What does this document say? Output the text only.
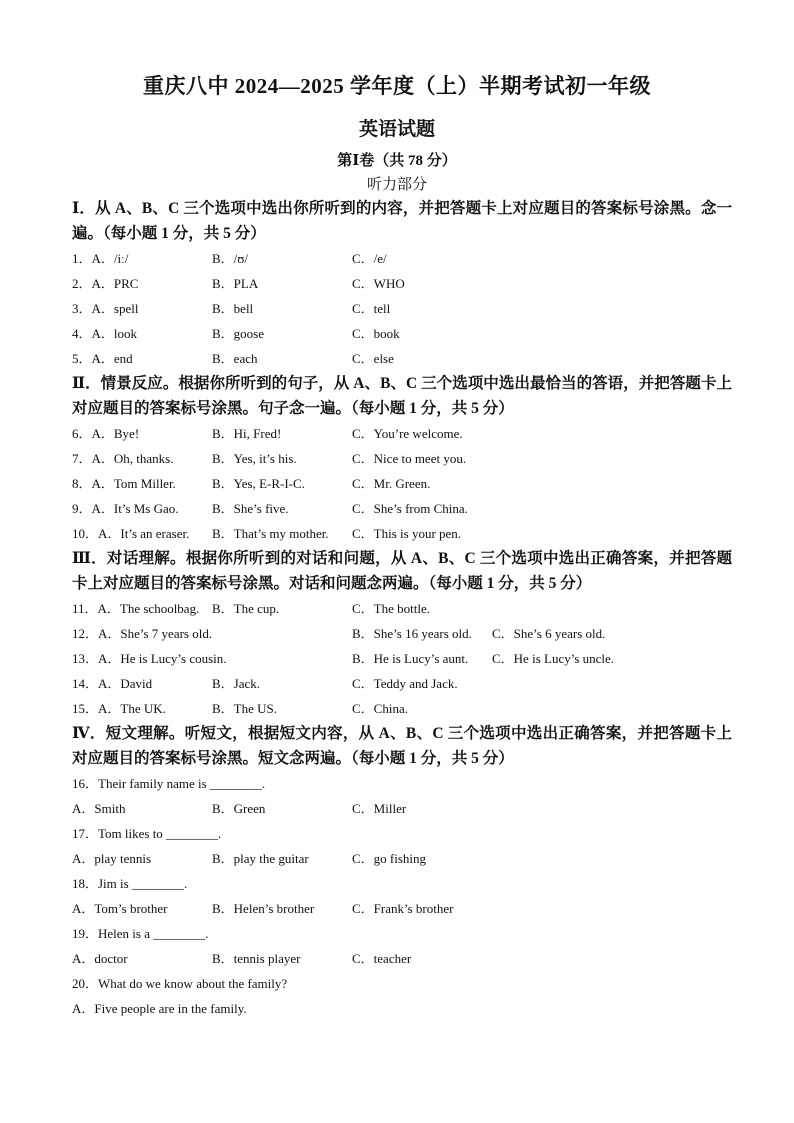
重庆八中 2024—2025 学年度（上）半期考试初一年级
英语试题
第Ⅰ卷（共 78 分）
听力部分

Ⅰ．从 A、B、C 三个选项中选出你所听到的内容，并把答题卡上对应题目的答案标号涂黑。念一遍。（每小题 1 分，共 5 分）

1．A．/iː/	B．/ʊ/	C．/e/
2．A．PRC	B．PLA	C．WHO
3．A．spell	B．bell	C．tell
4．A．look	B．goose	C．book
5．A．end	B．each	C．else

Ⅱ．情景反应。根据你所听到的句子，从 A、B、C 三个选项中选出最恰当的答语，并把答题卡上对应题目的答案标号涂黑。句子念一遍。（每小题 1 分，共 5 分）

6．A．Bye!	B．Hi, Fred!	C．You’re welcome.
7．A．Oh, thanks.	B．Yes, it’s his.	C．Nice to meet you.
8．A．Tom Miller.	B．Yes, E-R-I-C.	C．Mr. Green.
9．A．It’s Ms Gao.	B．She’s five.	C．She’s from China.
10．A．It’s an eraser. B．That’s my mother. C．This is your pen.

Ⅲ．对话理解。根据你所听到的对话和问题，从 A、B、C 三个选项中选出正确答案，并把答题卡上对应题目的答案标号涂黑。对话和问题念两遍。（每小题 1 分，共 5 分）

11．A．The schoolbag. B．The cup.	C．The bottle.
12．A．She’s 7 years old.	B．She’s 16 years old. C．She’s 6 years old.
13．A．He is Lucy’s cousin.	B．He is Lucy’s aunt. C．He is Lucy’s uncle.
14．A．David	B．Jack.	C．Teddy and Jack.
15．A．The UK.	B．The US.	C．China.

Ⅳ．短文理解。听短文，根据短文内容，从 A、B、C 三个选项中选出正确答案，并把答题卡上对应题目的答案标号涂黑。短文念两遍。（每小题 1 分，共 5 分）

16．Their family name is ________.
A．Smith	B．Green	C．Miller
17．Tom likes to ________.
A．play tennis	B．play the guitar	C．go fishing
18．Jim is ________.
A．Tom’s brother	B．Helen’s brother	C．Frank’s brother
19．Helen is a ________.
A．doctor	B．tennis player	C．teacher
20．What do we know about the family?
A．Five people are in the family.
